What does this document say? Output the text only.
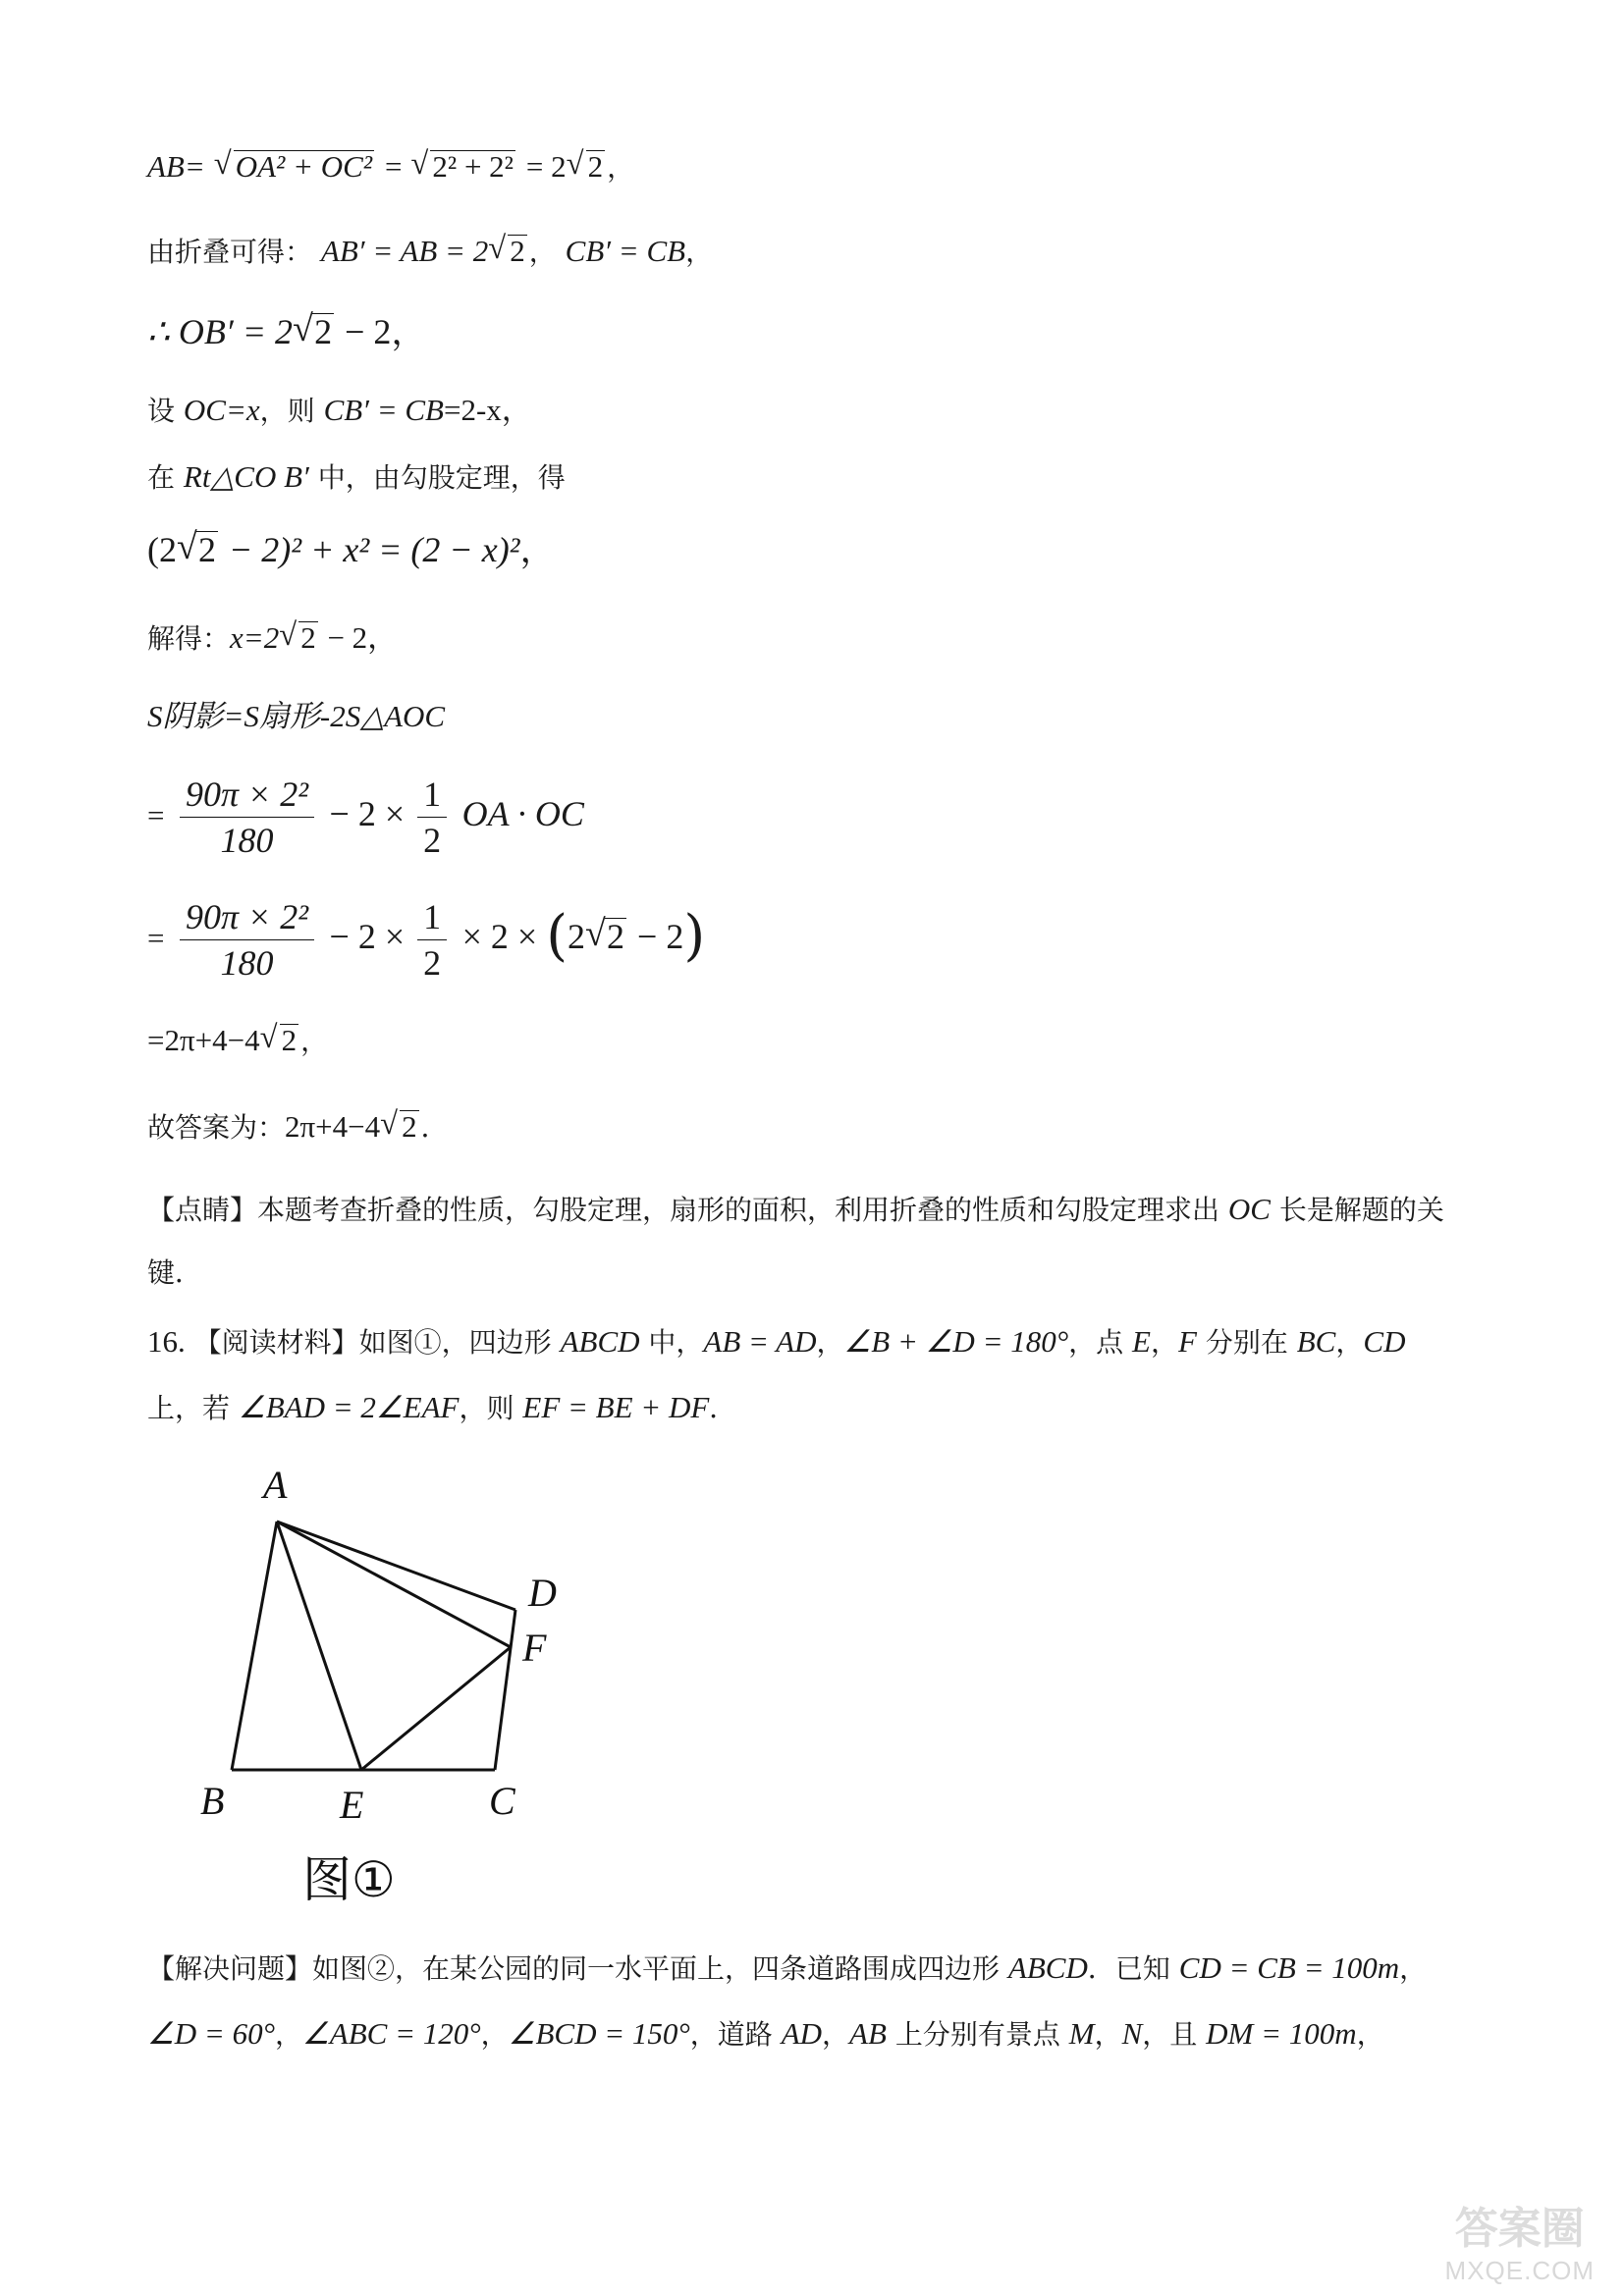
AB= √ OA² + OC² = √ 2² + 2² = 2√ 2 ，
由折叠可得： AB′ = AB = 2√ 2 ， CB′ = CB，
∴ OB′ = 2√ 2 − 2，
设 OC=x，则 CB′ = CB=2-x，
在 Rt△CO B′ 中，由勾股定理，得
(2√ 2 − 2)² + x² = (2 − x)²，
解得：x=2√ 2 − 2，
S阴影=S扇形-2S△AOC
= $\frac{\text{90π × 2²}}{180} - 2 \times \frac{1}{2}$ OA · OC
= $\frac{\text{90π × 2²}}{180} - 2 \times \frac{1}{2} \times 2 \times (2√$ 2 − 2)
=2π+4−4√ 2 ，
故答案为：2π+4−4√ 2 ．
【点睛】本题考查折叠的性质，勾股定理，扇形的面积，利用折叠的性质和勾股定理求出 OC 长是解题的关
键．
16. 【阅读材料】如图①，四边形 ABCD 中，AB = AD，∠B + ∠D = 180°，点 E，F 分别在 BC，CD
上，若 ∠BAD = 2∠EAF，则 EF = BE + DF．
A
B	E	C
D
F
图①
【解决问题】如图②，在某公园的同一水平面上，四条道路围成四边形 ABCD．已知 CD = CB = 100m，
∠D = 60°，∠ABC = 120°，∠BCD = 150°，道路 AD，AB 上分别有景点 M，N，且 DM = 100m，
答案圈
MXQE.COM
